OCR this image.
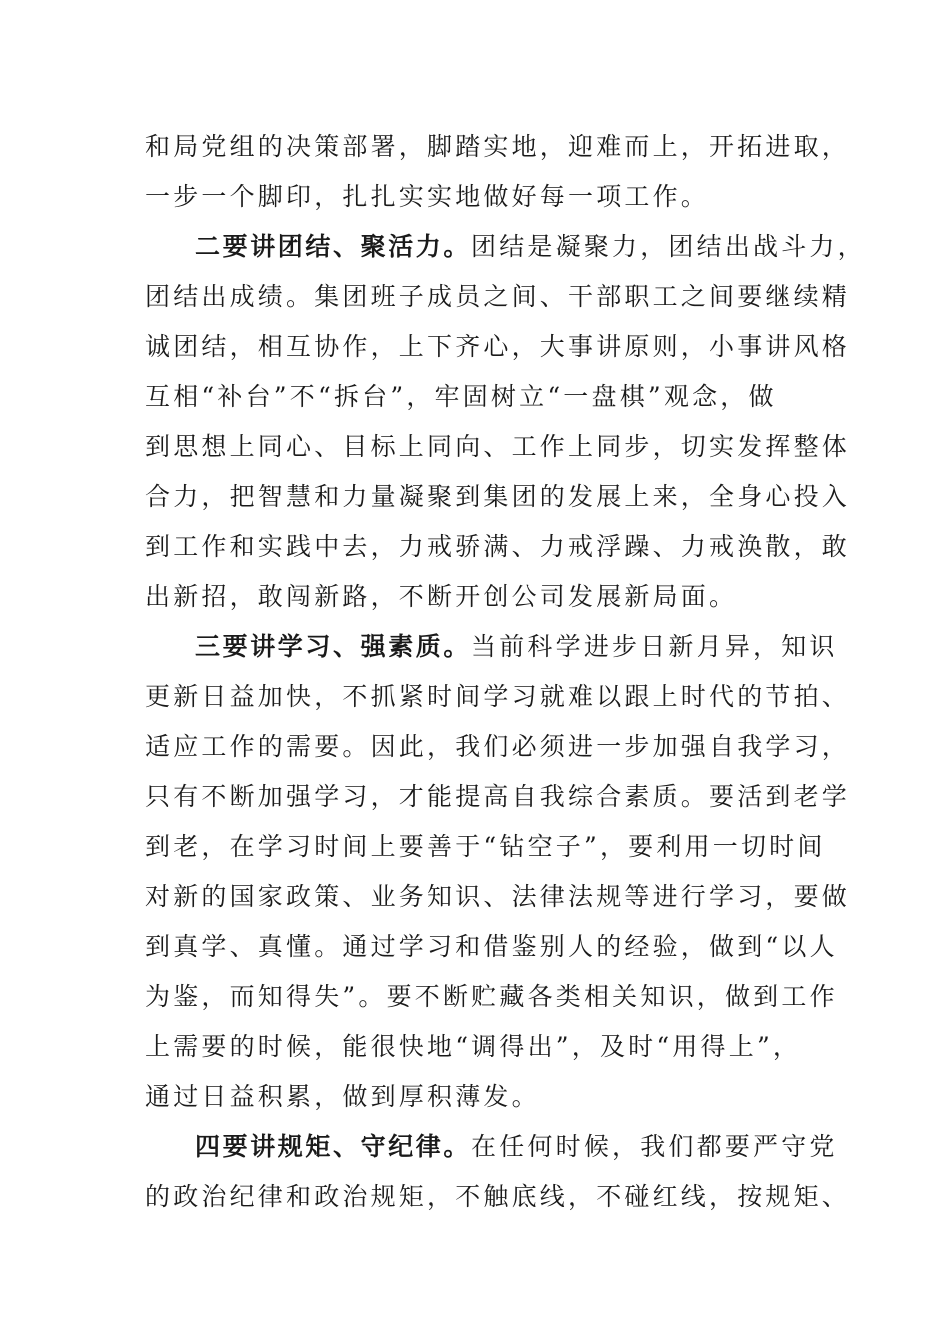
和局党组的决策部署，脚踏实地，迎难而上，开拓进取，
一步一个脚印，扎扎实实地做好每一项工作。
二要讲团结、聚活力。团结是凝聚力，团结出战斗力，
团结出成绩。集团班子成员之间、干部职工之间要继续精
诚团结，相互协作，上下齐心，大事讲原则，小事讲风格
互相“补台”不“拆台”，牢固树立“一盘棋”观念，做
到思想上同心、目标上同向、工作上同步，切实发挥整体
合力，把智慧和力量凝聚到集团的发展上来，全身心投入
到工作和实践中去，力戒骄满、力戒浮躁、力戒涣散，敢
出新招，敢闯新路，不断开创公司发展新局面。
三要讲学习、强素质。当前科学进步日新月异，知识
更新日益加快，不抓紧时间学习就难以跟上时代的节拍、
适应工作的需要。因此，我们必须进一步加强自我学习，
只有不断加强学习，才能提高自我综合素质。要活到老学
到老，在学习时间上要善于“钻空子”，要利用一切时间
对新的国家政策、业务知识、法律法规等进行学习，要做
到真学、真懂。通过学习和借鉴别人的经验，做到“以人
为鉴，而知得失”。要不断贮藏各类相关知识，做到工作
上需要的时候，能很快地“调得出”，及时“用得上”，
通过日益积累，做到厚积薄发。
四要讲规矩、守纪律。在任何时候，我们都要严守党
的政治纪律和政治规矩，不触底线，不碰红线，按规矩、
